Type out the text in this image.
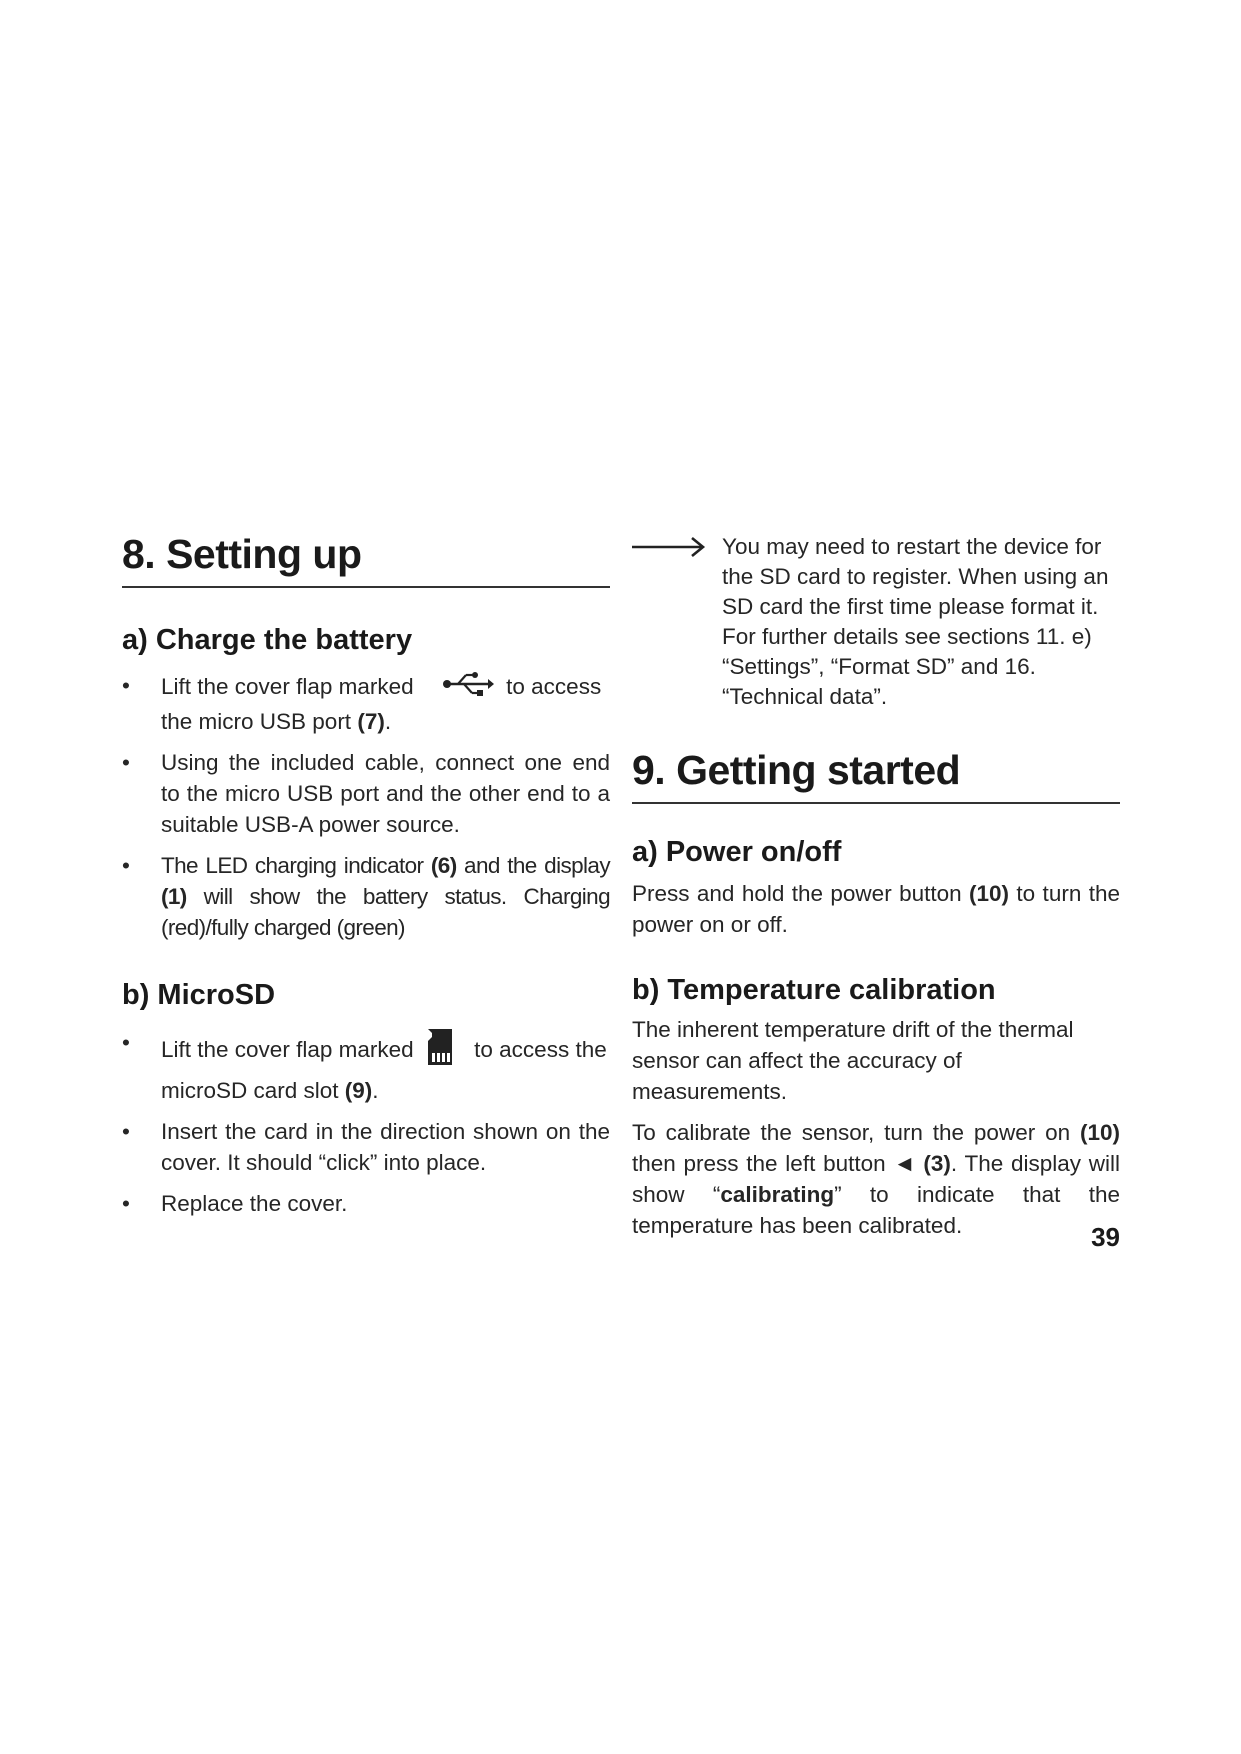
8. Setting up
a) Charge the battery
•	Lift the cover flap marked	to access the micro USB port (7).
•	Using the included cable, connect one end to the micro USB port and the other end to a suitable USB-A power source.
•	The LED charging indicator (6) and the display (1) will show the battery status. Charging (red)/fully charged (green)
b) MicroSD
•	Lift the cover flap marked	to access the microSD card slot (9).
•	Insert the card in the direction shown on the cover. It should “click” into place.
•	Replace the cover.
You may need to restart the device for the SD card to register. When using an SD card the first time please format it. For further details see sections 11. e) “Settings”, “Format SD” and 16. “Technical data”.
9. Getting started
a) Power on/off

Press and hold the power button (10) to turn the power on or off.

b) Temperature calibration

The inherent temperature drift of the thermal sensor can affect the accuracy of measurements.

To calibrate the sensor, turn the power on (10) then press the left button ◄ (3). The display will show “calibrating” to indicate that the temperature has been calibrated.	39
